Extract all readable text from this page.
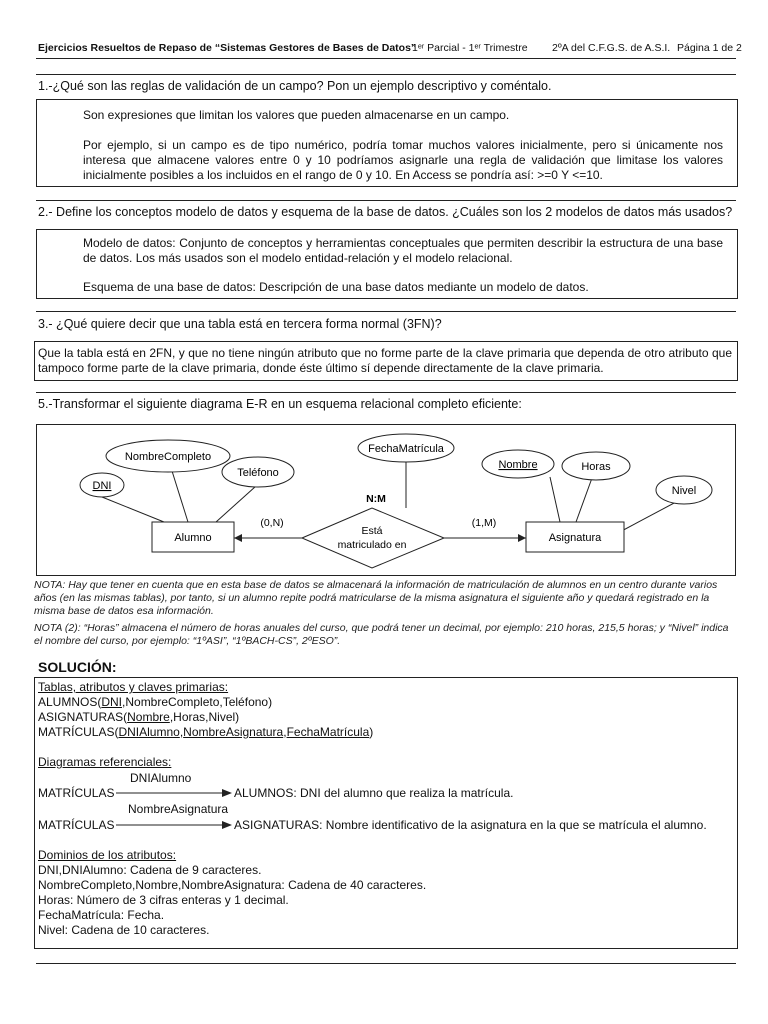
Ejercicios Resueltos de Repaso de “Sistemas Gestores de Bases de Datos”
1ᵉʳ Parcial - 1ᵉʳ Trimestre 2ºA del C.F.G.S. de A.S.I. Página 1 de 2
1.-¿Qué son las reglas de validación de un campo? Pon un ejemplo descriptivo y coméntalo.
Son expresiones que limitan los valores que pueden almacenarse en un campo.
Por ejemplo, si un campo es de tipo numérico, podría tomar muchos valores inicialmente, pero si únicamente nos interesa que almacene valores entre 0 y 10 podríamos asignarle una regla de validación que limitase los valores inicialmente posibles a los incluidos en el rango de 0 y 10. En Access se pondría así: >=0 Y <=10.
2.- Define los conceptos modelo de datos y esquema de la base de datos. ¿Cuáles son los 2 modelos de datos más usados?
Modelo de datos: Conjunto de conceptos y herramientas conceptuales que permiten describir la estructura de una base de datos. Los más usados son el modelo entidad-relación y el modelo relacional.
Esquema de una base de datos: Descripción de una base datos mediante un modelo de datos.
3.- ¿Qué quiere decir que una tabla está en tercera forma normal (3FN)?
Que la tabla está en 2FN, y que no tiene ningún atributo que no forme parte de la clave primaria que dependa de otro atributo que tampoco forme parte de la clave primaria, donde éste último sí depende directamente de la clave primaria.
5.-Transformar el siguiente diagrama E-R en un esquema relacional completo eficiente:
Alumno	Asignatura
Está
matriculado en
DNI
NombreCompleto
Teléfono
FechaMatrícula
Nombre	Horas
Nivel
(0,N)	(1,M)
N:M
NOTA: Hay que tener en cuenta que en esta base de datos se almacenará la información de matriculación de alumnos en un centro durante varios años (en las mismas tablas), por tanto, si un alumno repite podrá matricularse de la misma asignatura el siguiente año y quedará registrado en la misma base de datos esa información.
NOTA (2): “Horas” almacena el número de horas anuales del curso, que podrá tener un decimal, por ejemplo: 210 horas, 215,5 horas; y “Nivel” indica el nombre del curso, por ejemplo: “1ºASI”, “1ºBACH-CS”, 2ºESO”.
SOLUCIÓN:
Tablas, atributos y claves primarias:
ALUMNOS(DNI,NombreCompleto,Teléfono)
ASIGNATURAS(Nombre,Horas,Nivel)
MATRÍCULAS(DNIAlumno,NombreAsignatura,FechaMatrícula)
Diagramas referenciales:
DNIAlumno
MATRÍCULAS	ALUMNOS: DNI del alumno que realiza la matrícula.
NombreAsignatura
MATRÍCULAS	ASIGNATURAS: Nombre identificativo de la asignatura en la que se matrícula el alumno.
Dominios de los atributos:
DNI,DNIAlumno: Cadena de 9 caracteres.
NombreCompleto,Nombre,NombreAsignatura: Cadena de 40 caracteres.
Horas: Número de 3 cifras enteras y 1 decimal.
FechaMatrícula: Fecha.
Nivel: Cadena de 10 caracteres.
